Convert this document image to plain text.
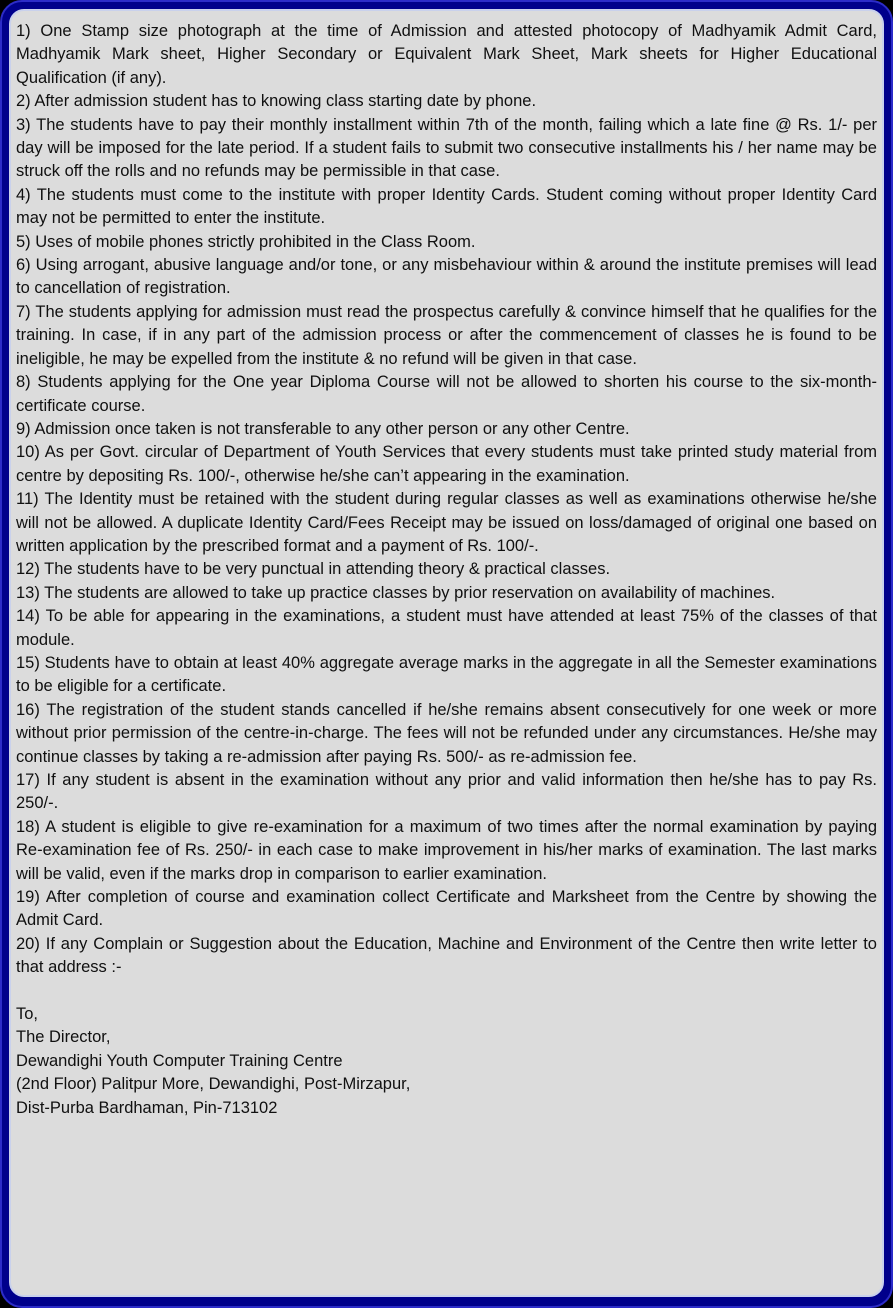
1) One Stamp size photograph at the time of Admission and attested photocopy of Madhyamik Admit Card, Madhyamik Mark sheet, Higher Secondary or Equivalent Mark Sheet, Mark sheets for Higher Educational Qualification (if any).

2) After admission student has to knowing class starting date by phone.

3) The students have to pay their monthly installment within 7th of the month, failing which a late fine @ Rs. 1/- per day will be imposed for the late period. If a student fails to submit two consecutive installments his / her name may be struck off the rolls and no refunds may be permissible in that case.

4) The students must come to the institute with proper Identity Cards. Student coming without proper Identity Card may not be permitted to enter the institute.

5) Uses of mobile phones strictly prohibited in the Class Room.

6) Using arrogant, abusive language and/or tone, or any misbehaviour within & around the institute premises will lead to cancellation of registration.

7) The students applying for admission must read the prospectus carefully & convince himself that he qualifies for the training. In case, if in any part of the admission process or after the commencement of classes he is found to be ineligible, he may be expelled from the institute & no refund will be given in that case.

8) Students applying for the One year Diploma Course will not be allowed to shorten his course to the six-month-certificate course.

9) Admission once taken is not transferable to any other person or any other Centre.

10) As per Govt. circular of Department of Youth Services that every students must take printed study material from centre by depositing Rs. 100/-, otherwise he/she can’t appearing in the examination.

11) The Identity must be retained with the student during regular classes as well as examinations otherwise he/she will not be allowed. A duplicate Identity Card/Fees Receipt may be issued on loss/damaged of original one based on written application by the prescribed format and a payment of Rs. 100/-.

12) The students have to be very punctual in attending theory & practical classes.

13) The students are allowed to take up practice classes by prior reservation on availability of machines.

14) To be able for appearing in the examinations, a student must have attended at least 75% of the classes of that module.

15) Students have to obtain at least 40% aggregate average marks in the aggregate in all the Semester examinations to be eligible for a certificate.

16) The registration of the student stands cancelled if he/she remains absent consecutively for one week or more without prior permission of the centre-in-charge. The fees will not be refunded under any circumstances. He/she may continue classes by taking a re-admission after paying Rs. 500/- as re-admission fee.

17) If any student is absent in the examination without any prior and valid information then he/she has to pay Rs. 250/-.

18) A student is eligible to give re-examination for a maximum of two times after the normal examination by paying Re-examination fee of Rs. 250/- in each case to make improvement in his/her marks of examination. The last marks will be valid, even if the marks drop in comparison to earlier examination.

19) After completion of course and examination collect Certificate and Marksheet from the Centre by showing the Admit Card.

20) If any Complain or Suggestion about the Education, Machine and Environment of the Centre then write letter to that address :-

To,
The Director,
Dewandighi Youth Computer Training Centre
(2nd Floor) Palitpur More, Dewandighi, Post-Mirzapur,
Dist-Purba Bardhaman, Pin-713102
